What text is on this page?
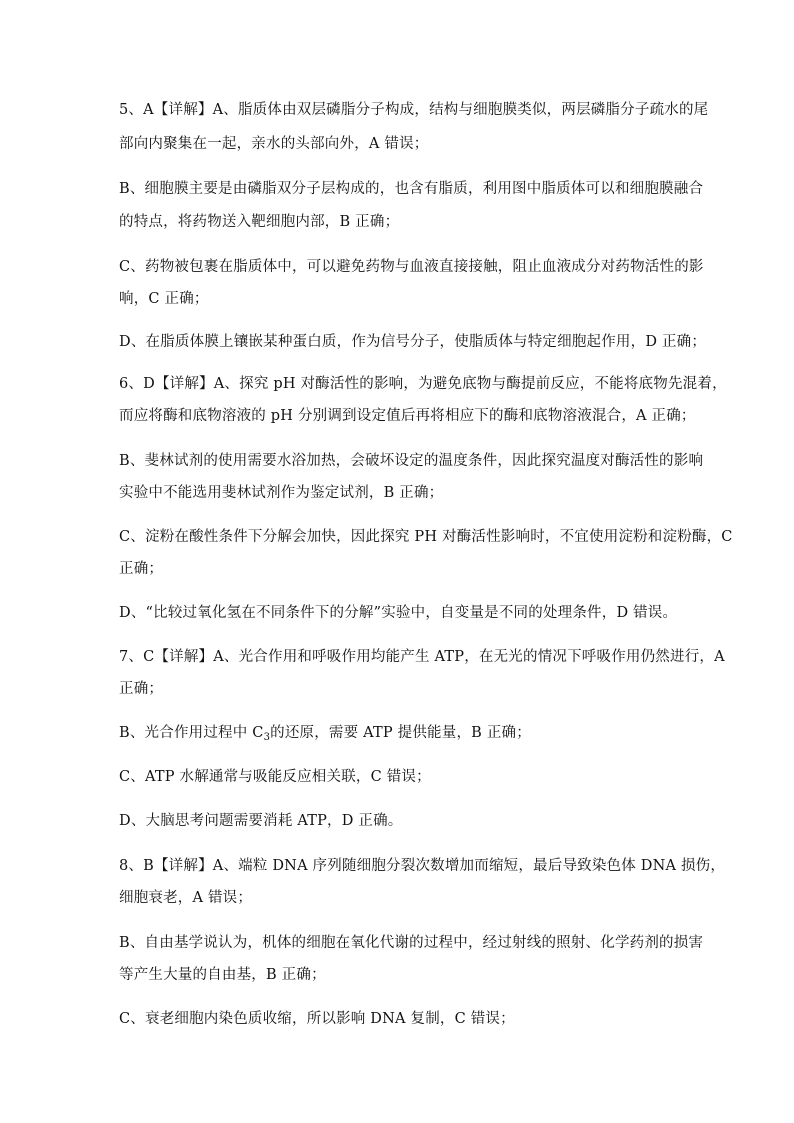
5、A【详解】A、脂质体由双层磷脂分子构成，结构与细胞膜类似，两层磷脂分子疏水的尾
部向内聚集在一起，亲水的头部向外，A 错误；
B、细胞膜主要是由磷脂双分子层构成的，也含有脂质，利用图中脂质体可以和细胞膜融合
的特点，将药物送入靶细胞内部，B 正确；
C、药物被包裹在脂质体中，可以避免药物与血液直接接触，阻止血液成分对药物活性的影
响，C 正确；
D、在脂质体膜上镶嵌某种蛋白质，作为信号分子，使脂质体与特定细胞起作用，D 正确；
6、D【详解】A、探究 pH 对酶活性的影响，为避免底物与酶提前反应，不能将底物先混着，
而应将酶和底物溶液的 pH 分别调到设定值后再将相应下的酶和底物溶液混合，A 正确；
B、斐林试剂的使用需要水浴加热，会破坏设定的温度条件，因此探究温度对酶活性的影响
实验中不能选用斐林试剂作为鉴定试剂，B 正确；
C、淀粉在酸性条件下分解会加快，因此探究 PH 对酶活性影响时，不宜使用淀粉和淀粉酶，C
正确；
D、“比较过氧化氢在不同条件下的分解”实验中，自变量是不同的处理条件，D 错误。
7、C【详解】A、光合作用和呼吸作用均能产生 ATP，在无光的情况下呼吸作用仍然进行，A
正确；
B、光合作用过程中 $C_3$的还原，需要 ATP 提供能量，B 正确；
C、ATP 水解通常与吸能反应相关联，C 错误；
D、大脑思考问题需要消耗 ATP，D 正确。
8、B【详解】A、端粒 DNA 序列随细胞分裂次数增加而缩短，最后导致染色体 DNA 损伤，
细胞衰老，A 错误；
B、自由基学说认为，机体的细胞在氧化代谢的过程中，经过射线的照射、化学药剂的损害
等产生大量的自由基，B 正确；
C、衰老细胞内染色质收缩，所以影响 DNA 复制，C 错误；
